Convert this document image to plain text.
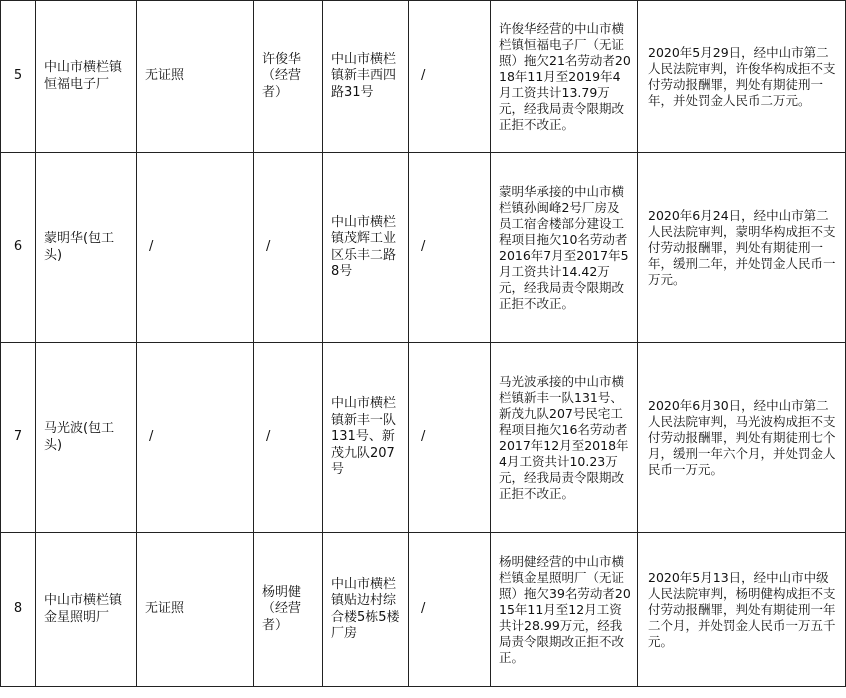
5	中山市横栏镇恒福电子厂	无证照	许俊华（经营者）	中山市横栏镇新丰西四路31号	/	许俊华经营的中山市横栏镇恒福电子厂（无证照）拖欠21名劳动者2018年11月至2019年4月工资共计13.79万元，经我局责令限期改正拒不改正。	2020年5月29日，经中山市第二人民法院审判，许俊华构成拒不支付劳动报酬罪，判处有期徒刑一年，并处罚金人民币二万元。
6	蒙明华(包工头)	/	/	中山市横栏镇茂辉工业区乐丰二路8号	/	蒙明华承接的中山市横栏镇孙闽峰2号厂房及员工宿舍楼部分建设工程项目拖欠10名劳动者2016年7月至2017年5月工资共计14.42万元，经我局责令限期改正拒不改正。	2020年6月24日，经中山市第二人民法院审判，蒙明华构成拒不支付劳动报酬罪，判处有期徒刑一年，缓刑二年，并处罚金人民币一万元。
7	马光波(包工头)	/	/	中山市横栏镇新丰一队131号、新茂九队207号	/	马光波承接的中山市横栏镇新丰一队131号、新茂九队207号民宅工程项目拖欠16名劳动者2017年12月至2018年4月工资共计10.23万元，经我局责令限期改正拒不改正。	2020年6月30日，经中山市第二人民法院审判，马光波构成拒不支付劳动报酬罪，判处有期徒刑七个月，缓刑一年六个月，并处罚金人民币一万元。
8	中山市横栏镇金星照明厂	无证照	杨明健（经营者）	中山市横栏镇贴边村综合楼5栋5楼厂房	/	杨明健经营的中山市横栏镇金星照明厂（无证照）拖欠39名劳动者2015年11月至12月工资共计28.99万元，经我局责令限期改正拒不改正。	2020年5月13日，经中山市中级人民法院审判，杨明健构成拒不支付劳动报酬罪，判处有期徒刑一年二个月，并处罚金人民币一万五千元。
